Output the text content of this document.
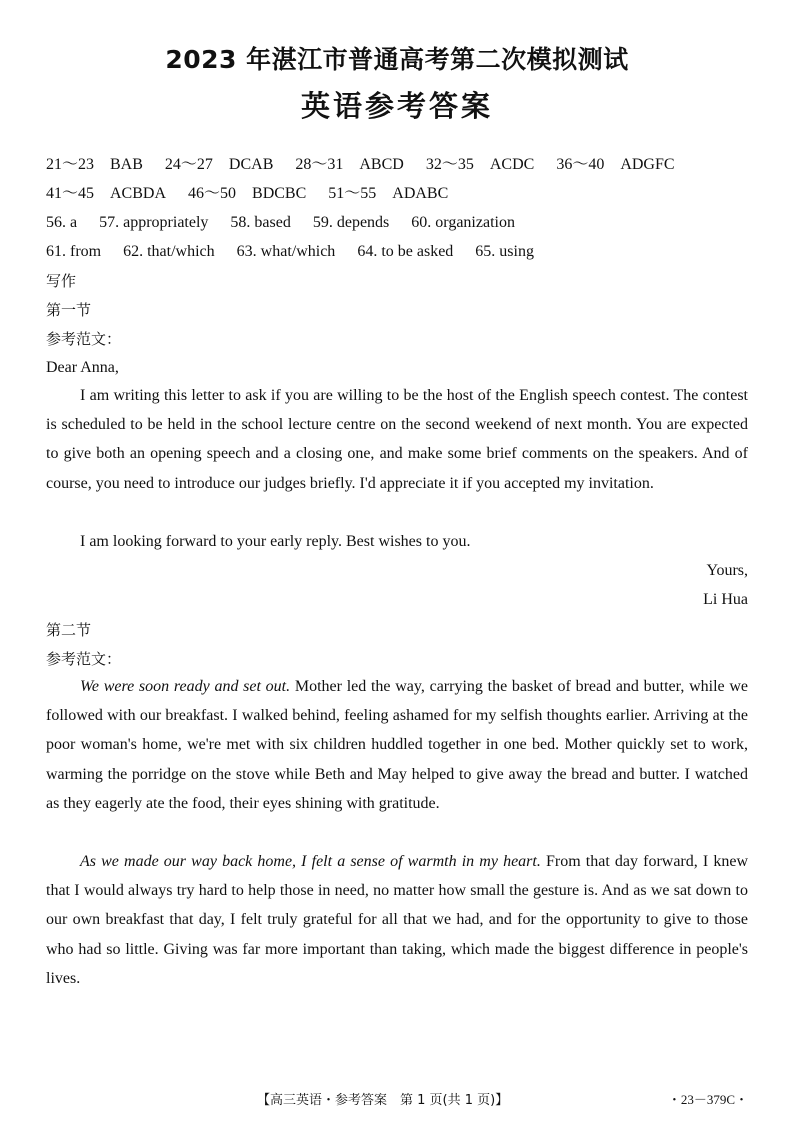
2023 年湛江市普通高考第二次模拟测试
英语参考答案
21～23　BAB 24～27　DCAB 28～31　ABCD 32～35　ACDC 36～40　ADGFC
41～45　ACBDA 46～50　BDCBC 51～55　ADABC
56. a 57. appropriately 58. based 59. depends 60. organization
61. from 62. that/which 63. what/which 64. to be asked 65. using
写作
第一节
参考范文：
Dear Anna,
I am writing this letter to ask if you are willing to be the host of the English speech contest. The contest is scheduled to be held in the school lecture centre on the second weekend of next month. You are expected to give both an opening speech and a closing one, and make some brief comments on the speakers. And of course, you need to introduce our judges briefly. I'd appreciate it if you accepted my invitation.
I am looking forward to your early reply. Best wishes to you.
Yours,
Li Hua
第二节
参考范文：
We were soon ready and set out. Mother led the way, carrying the basket of bread and butter, while we followed with our breakfast. I walked behind, feeling ashamed for my selfish thoughts earlier. Arriving at the poor woman's home, we're met with six children huddled together in one bed. Mother quickly set to work, warming the porridge on the stove while Beth and May helped to give away the bread and butter. I watched as they eagerly ate the food, their eyes shining with gratitude.
As we made our way back home, I felt a sense of warmth in my heart. From that day forward, I knew that I would always try hard to help those in need, no matter how small the gesture is. And as we sat down to our own breakfast that day, I felt truly grateful for all that we had, and for the opportunity to give to those who had so little. Giving was far more important than taking, which made the biggest difference in people's lives.
【高三英语・参考答案　第 1 页(共 1 页)】	・23－379C・
